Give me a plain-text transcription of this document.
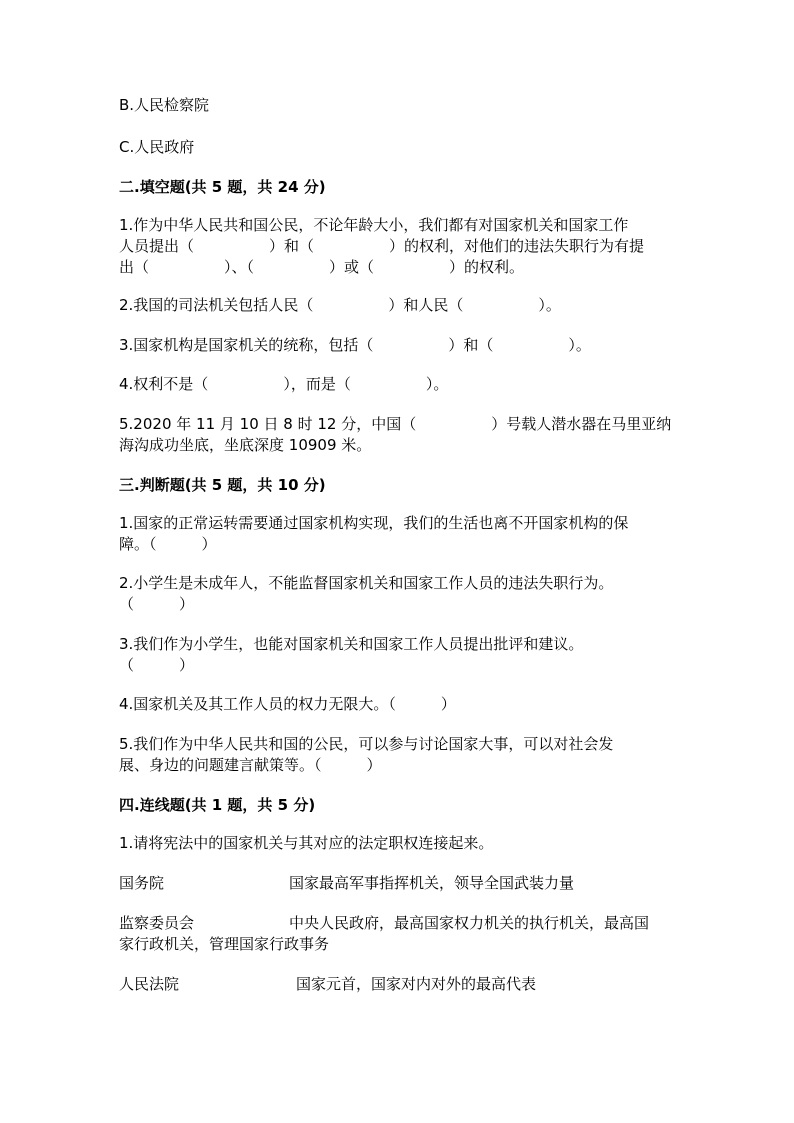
B.人民检察院
C.人民政府
二.填空题(共 5 题，共 24 分)
1.作为中华人民共和国公民，不论年龄大小，我们都有对国家机关和国家工作
人员提出（　　　　　）和（　　　　　）的权利，对他们的违法失职行为有提
出（　　　　　）、（　　　　　）或（　　　　　）的权利。
2.我国的司法机关包括人民（　　　　　）和人民（　　　　　）。
3.国家机构是国家机关的统称，包括（　　　　　）和（　　　　　）。
4.权利不是（　　　　　），而是（　　　　　）。
5.2020 年 11 月 10 日 8 时 12 分，中国（　　　　　）号载人潜水器在马里亚纳
海沟成功坐底，坐底深度 10909 米。
三.判断题(共 5 题，共 10 分)
1.国家的正常运转需要通过国家机构实现，我们的生活也离不开国家机构的保
障。（　　　）
2.小学生是未成年人，不能监督国家机关和国家工作人员的违法失职行为。
（　　　）
3.我们作为小学生，也能对国家机关和国家工作人员提出批评和建议。
（　　　）
4.国家机关及其工作人员的权力无限大。（　　　）
5.我们作为中华人民共和国的公民，可以参与讨论国家大事，可以对社会发
展、身边的问题建言献策等。（　　　）
四.连线题(共 1 题，共 5 分)
1.请将宪法中的国家机关与其对应的法定职权连接起来。
国务院	国家最高军事指挥机关，领导全国武装力量
监察委员会	中央人民政府，最高国家权力机关的执行机关，最高国
家行政机关，管理国家行政事务
人民法院	国家元首，国家对内对外的最高代表
